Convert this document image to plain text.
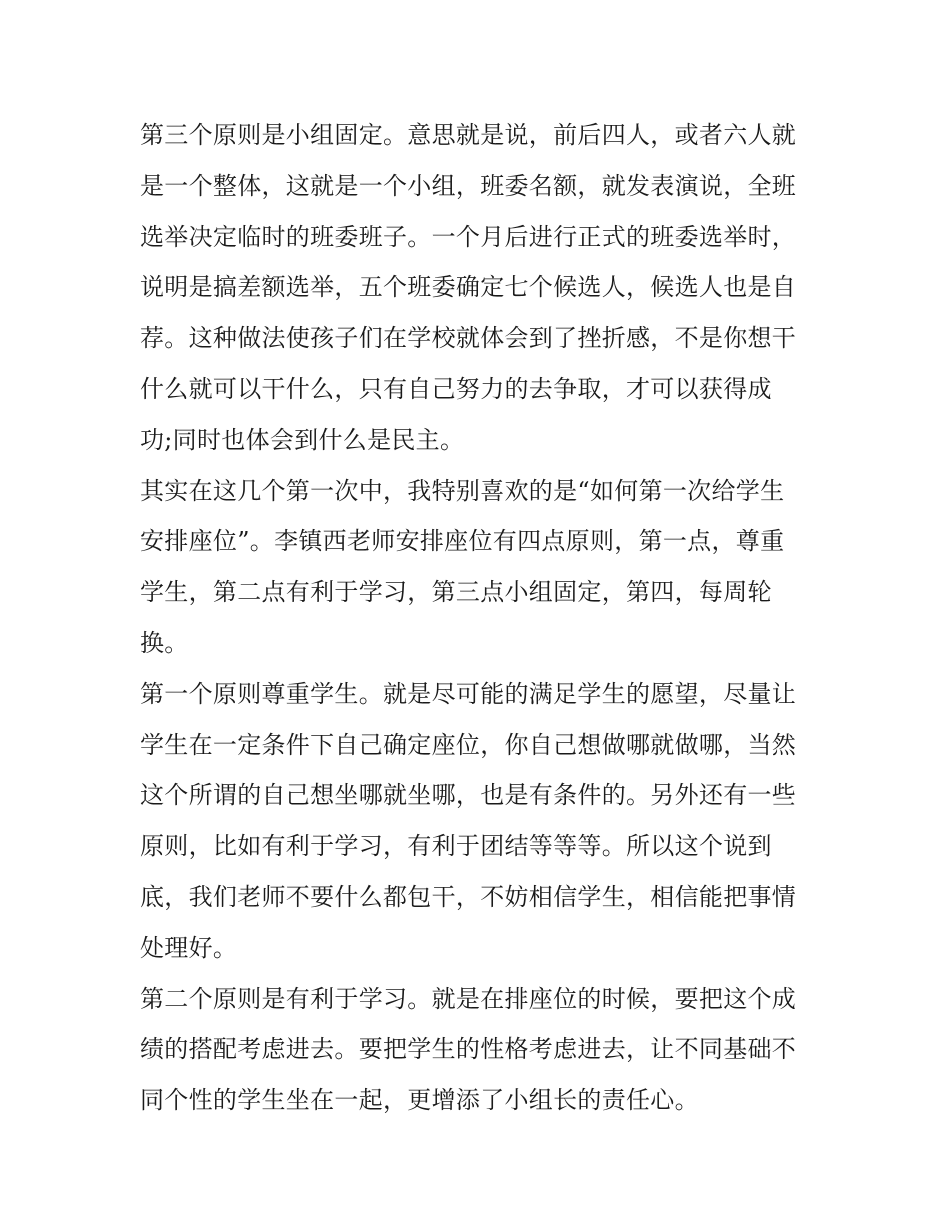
第三个原则是小组固定。意思就是说，前后四人，或者六人就
是一个整体，这就是一个小组，班委名额，就发表演说，全班
选举决定临时的班委班子。一个月后进行正式的班委选举时，
说明是搞差额选举，五个班委确定七个候选人，候选人也是自
荐。这种做法使孩子们在学校就体会到了挫折感，不是你想干
什么就可以干什么，只有自己努力的去争取，才可以获得成
功;同时也体会到什么是民主。
其实在这几个第一次中，我特别喜欢的是“如何第一次给学生
安排座位”。李镇西老师安排座位有四点原则，第一点，尊重
学生，第二点有利于学习，第三点小组固定，第四，每周轮
换。
第一个原则尊重学生。就是尽可能的满足学生的愿望，尽量让
学生在一定条件下自己确定座位，你自己想做哪就做哪，当然
这个所谓的自己想坐哪就坐哪，也是有条件的。另外还有一些
原则，比如有利于学习，有利于团结等等等。所以这个说到
底，我们老师不要什么都包干，不妨相信学生，相信能把事情
处理好。
第二个原则是有利于学习。就是在排座位的时候，要把这个成
绩的搭配考虑进去。要把学生的性格考虑进去，让不同基础不
同个性的学生坐在一起，更增添了小组长的责任心。
